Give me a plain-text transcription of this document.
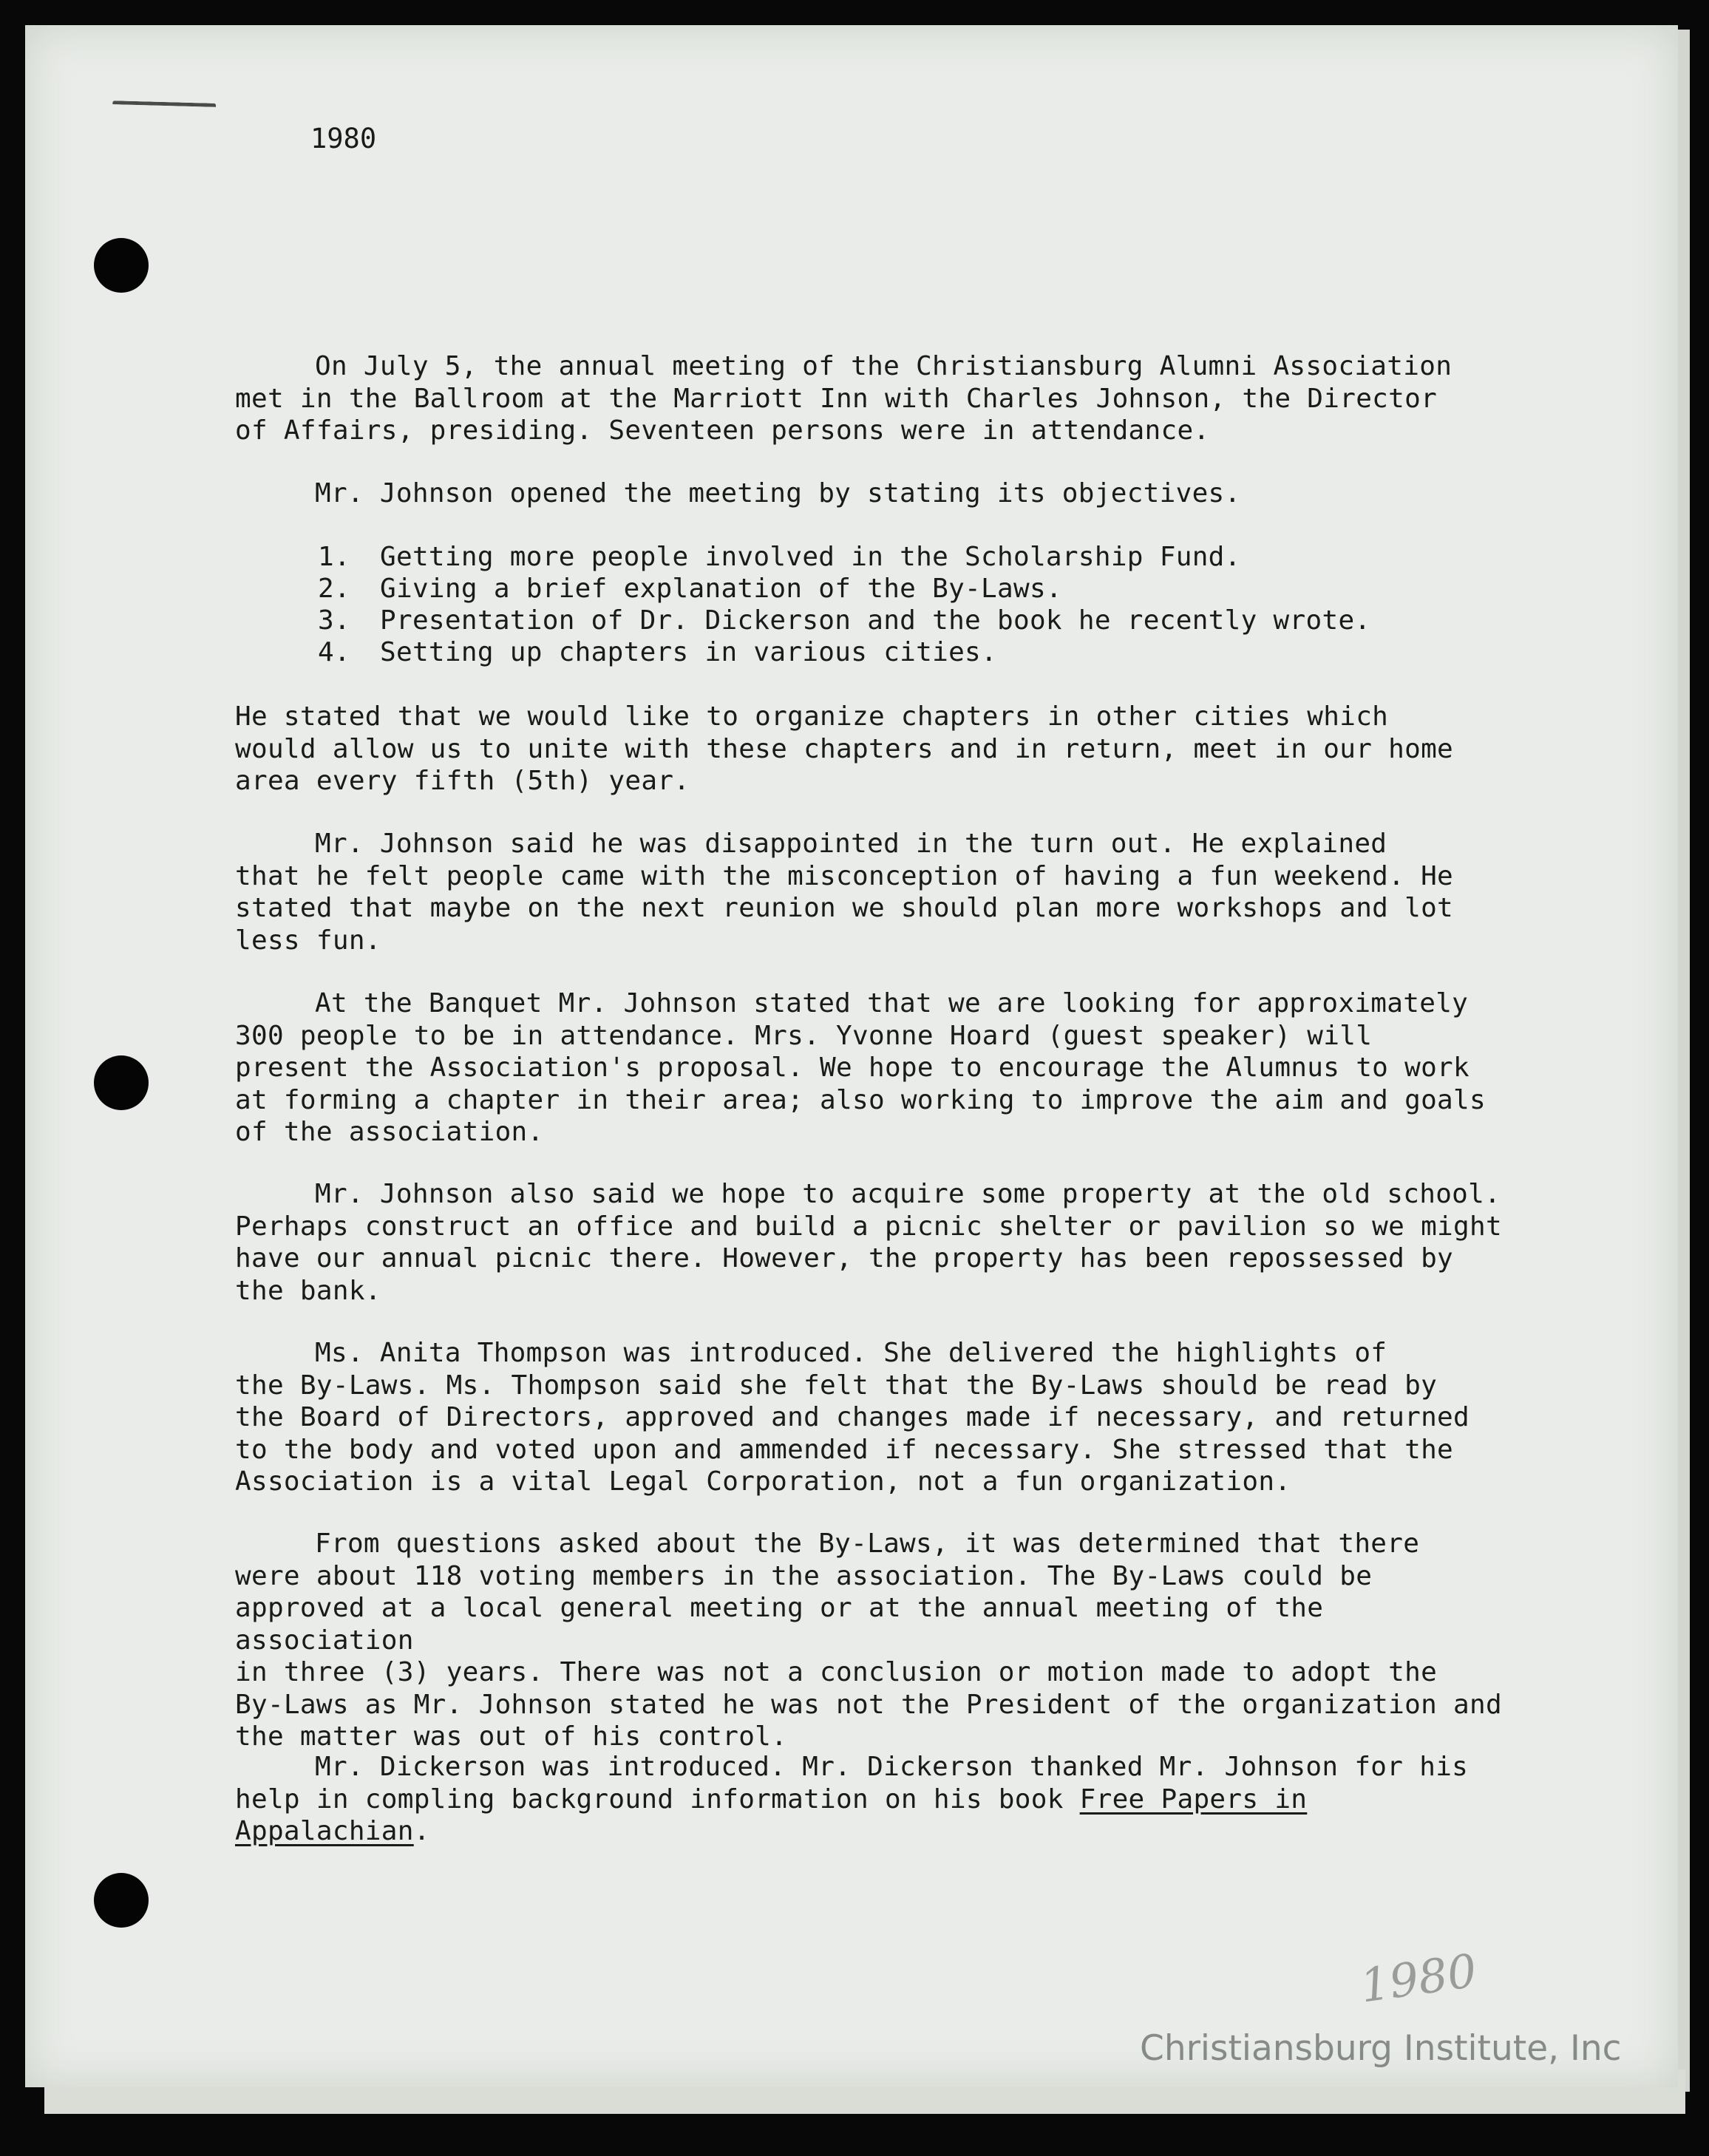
1980
On July 5, the annual meeting of the Christiansburg Alumni Association
met in the Ballroom at the Marriott Inn with Charles Johnson, the Director
of Affairs, presiding. Seventeen persons were in attendance.
Mr. Johnson opened the meeting by stating its objectives.
1. Getting more people involved in the Scholarship Fund.
2. Giving a brief explanation of the By-Laws.
3. Presentation of Dr. Dickerson and the book he recently wrote.
4. Setting up chapters in various cities.
He stated that we would like to organize chapters in other cities which
would allow us to unite with these chapters and in return, meet in our home
area every fifth (5th) year.
Mr. Johnson said he was disappointed in the turn out. He explained
that he felt people came with the misconception of having a fun weekend. He
stated that maybe on the next reunion we should plan more workshops and lot
less fun.
At the Banquet Mr. Johnson stated that we are looking for approximately
300 people to be in attendance. Mrs. Yvonne Hoard (guest speaker) will
present the Association's proposal. We hope to encourage the Alumnus to work
at forming a chapter in their area; also working to improve the aim and goals
of the association.
Mr. Johnson also said we hope to acquire some property at the old school.
Perhaps construct an office and build a picnic shelter or pavilion so we might
have our annual picnic there. However, the property has been repossessed by
the bank.
Ms. Anita Thompson was introduced. She delivered the highlights of
the By-Laws. Ms. Thompson said she felt that the By-Laws should be read by
the Board of Directors, approved and changes made if necessary, and returned
to the body and voted upon and ammended if necessary. She stressed that the
Association is a vital Legal Corporation, not a fun organization.
From questions asked about the By-Laws, it was determined that there
were about 118 voting members in the association. The By-Laws could be
approved at a local general meeting or at the annual meeting of the association
in three (3) years. There was not a conclusion or motion made to adopt the
By-Laws as Mr. Johnson stated he was not the President of the organization and
the matter was out of his control.
Mr. Dickerson was introduced. Mr. Dickerson thanked Mr. Johnson for his
help in compling background information on his book Free Papers in Appalachian.
1980
Christiansburg Institute, Inc
